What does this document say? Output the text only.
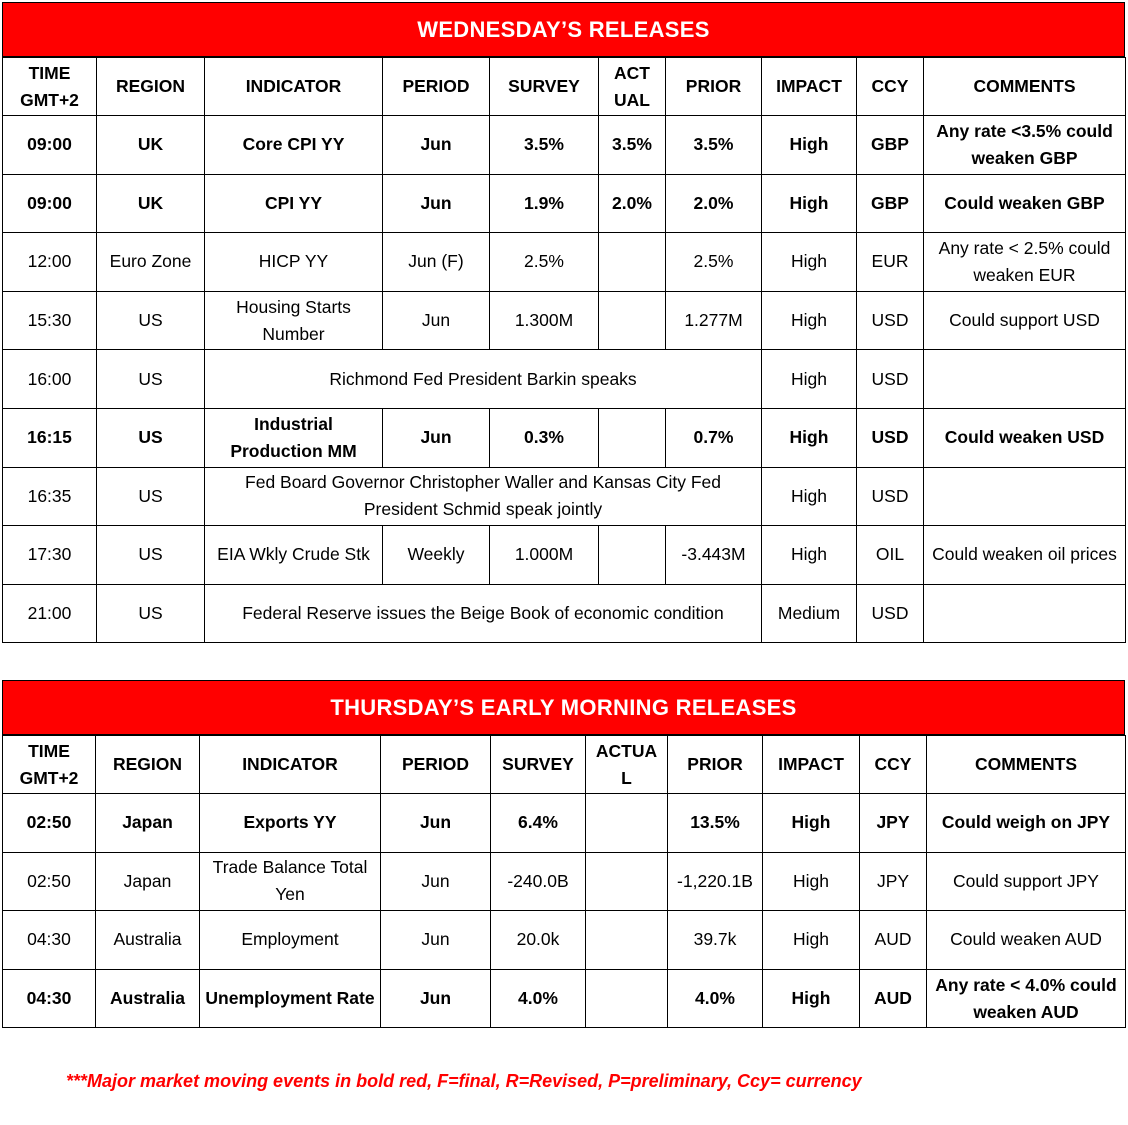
WEDNESDAY’S RELEASES
TIME GMT+2	REGION	INDICATOR	PERIOD	SURVEY	ACT UAL	PRIOR	IMPACT	CCY	COMMENTS
09:00	UK	Core CPI YY	Jun	3.5%	3.5%	3.5%	High	GBP	Any rate <3.5% could weaken GBP
09:00	UK	CPI YY	Jun	1.9%	2.0%	2.0%	High	GBP	Could weaken GBP
12:00	Euro Zone	HICP YY	Jun (F)	2.5%		2.5%	High	EUR	Any rate < 2.5% could weaken EUR
15:30	US	Housing Starts Number	Jun	1.300M		1.277M	High	USD	Could support USD
16:00	US	Richmond Fed President Barkin speaks					High	USD	
16:15	US	Industrial Production MM	Jun	0.3%		0.7%	High	USD	Could weaken USD
16:35	US	Fed Board Governor Christopher Waller and Kansas City Fed President Schmid speak jointly					High	USD	
17:30	US	EIA Wkly Crude Stk	Weekly	1.000M		-3.443M	High	OIL	Could weaken oil prices
21:00	US	Federal Reserve issues the Beige Book of economic condition					Medium	USD	
THURSDAY’S EARLY MORNING RELEASES
TIME GMT+2	REGION	INDICATOR	PERIOD	SURVEY	ACTUA L	PRIOR	IMPACT	CCY	COMMENTS
02:50	Japan	Exports YY	Jun	6.4%		13.5%	High	JPY	Could weigh on JPY
02:50	Japan	Trade Balance Total Yen	Jun	-240.0B		-1,220.1B	High	JPY	Could support JPY
04:30	Australia	Employment	Jun	20.0k		39.7k	High	AUD	Could weaken AUD
04:30	Australia	Unemployment Rate	Jun	4.0%		4.0%	High	AUD	Any rate < 4.0% could weaken AUD
***Major market moving events in bold red, F=final, R=Revised, P=preliminary, Ccy= currency
